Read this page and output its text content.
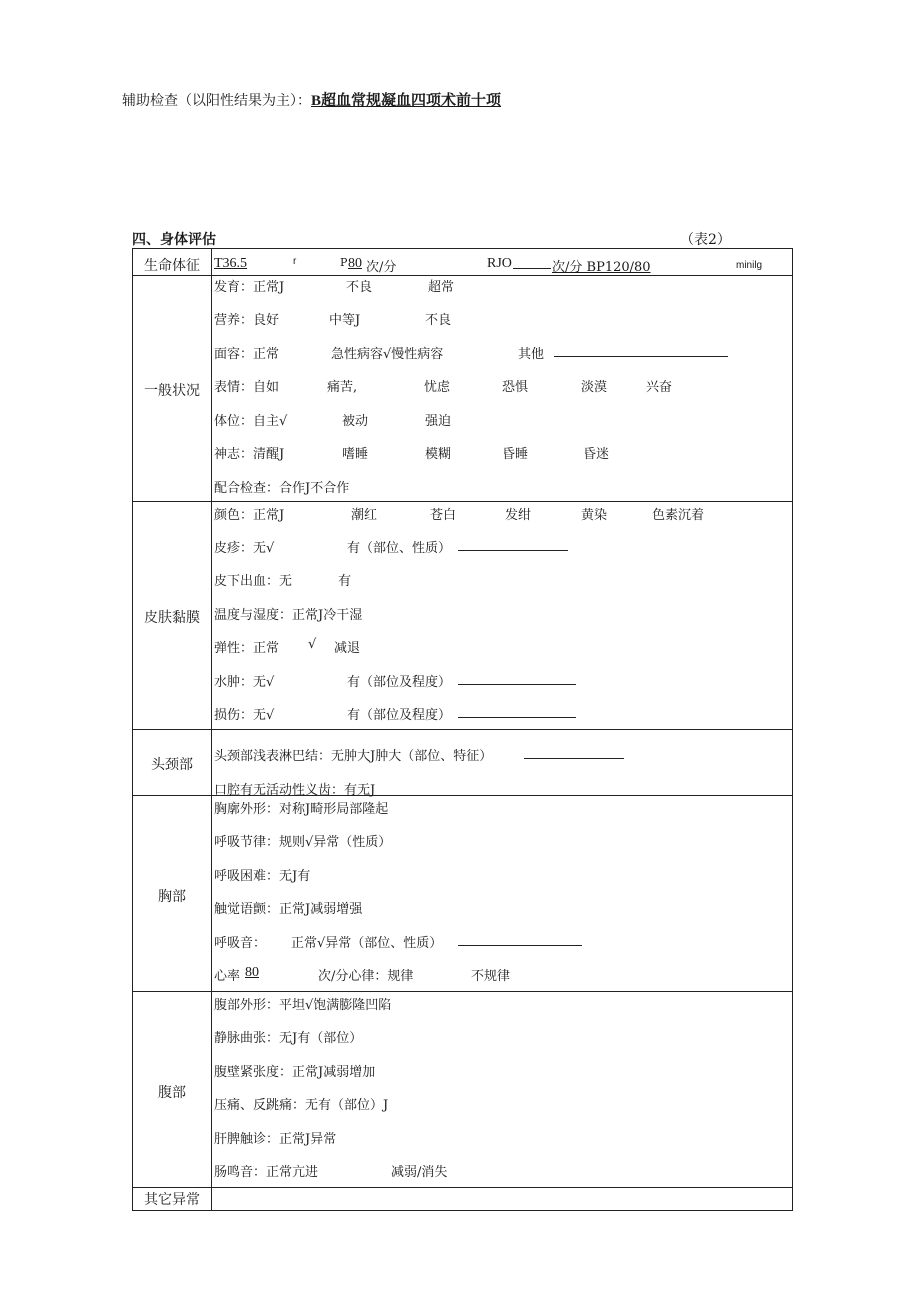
辅助检查（以阳性结果为主）：B超血常规凝血四项术前十项
四、身体评估	（表2）
生命体征	T36.5	r	P 80 次/分	RJO	次/分 BP120/80	minilg
一般状况
发育：正常J	不良	超常
营养：良好	中等J	不良
面容：正常	急性病容√慢性病容	其他
表情：自如	痛苦,	忧虑	恐惧	淡漠	兴奋
体位：自主√	被动	强迫
神志：清醒J	嗜睡	模糊	昏睡	昏迷
配合检查：合作J不合作
皮肤黏膜
颜色：正常J	潮红	苍白	发绀	黄染	色素沉着
皮疹：无√	有（部位、性质）
皮下出血：无	有
温度与湿度：正常J冷干湿
弹性：正常 √ 减退
水肿：无√	有（部位及程度）
损伤：无√	有（部位及程度）
头颈部
头颈部浅表淋巴结：无肿大J肿大（部位、特征）
口腔有无活动性义齿：有无J
胸部
胸廓外形：对称J畸形局部隆起
呼吸节律：规则√异常（性质）
呼吸困难：无J有
触觉语颤：正常J减弱增强
呼吸音： 正常√异常（部位、性质）
心率 80	次/分心律：规律	不规律
腹部
腹部外形：平坦√饱满膨隆凹陷
静脉曲张：无J有（部位）
腹壁紧张度：正常J减弱增加
压痛、反跳痛：无有（部位）J
肝脾触诊：正常J异常
肠鸣音：正常亢进	减弱/消失
其它异常
